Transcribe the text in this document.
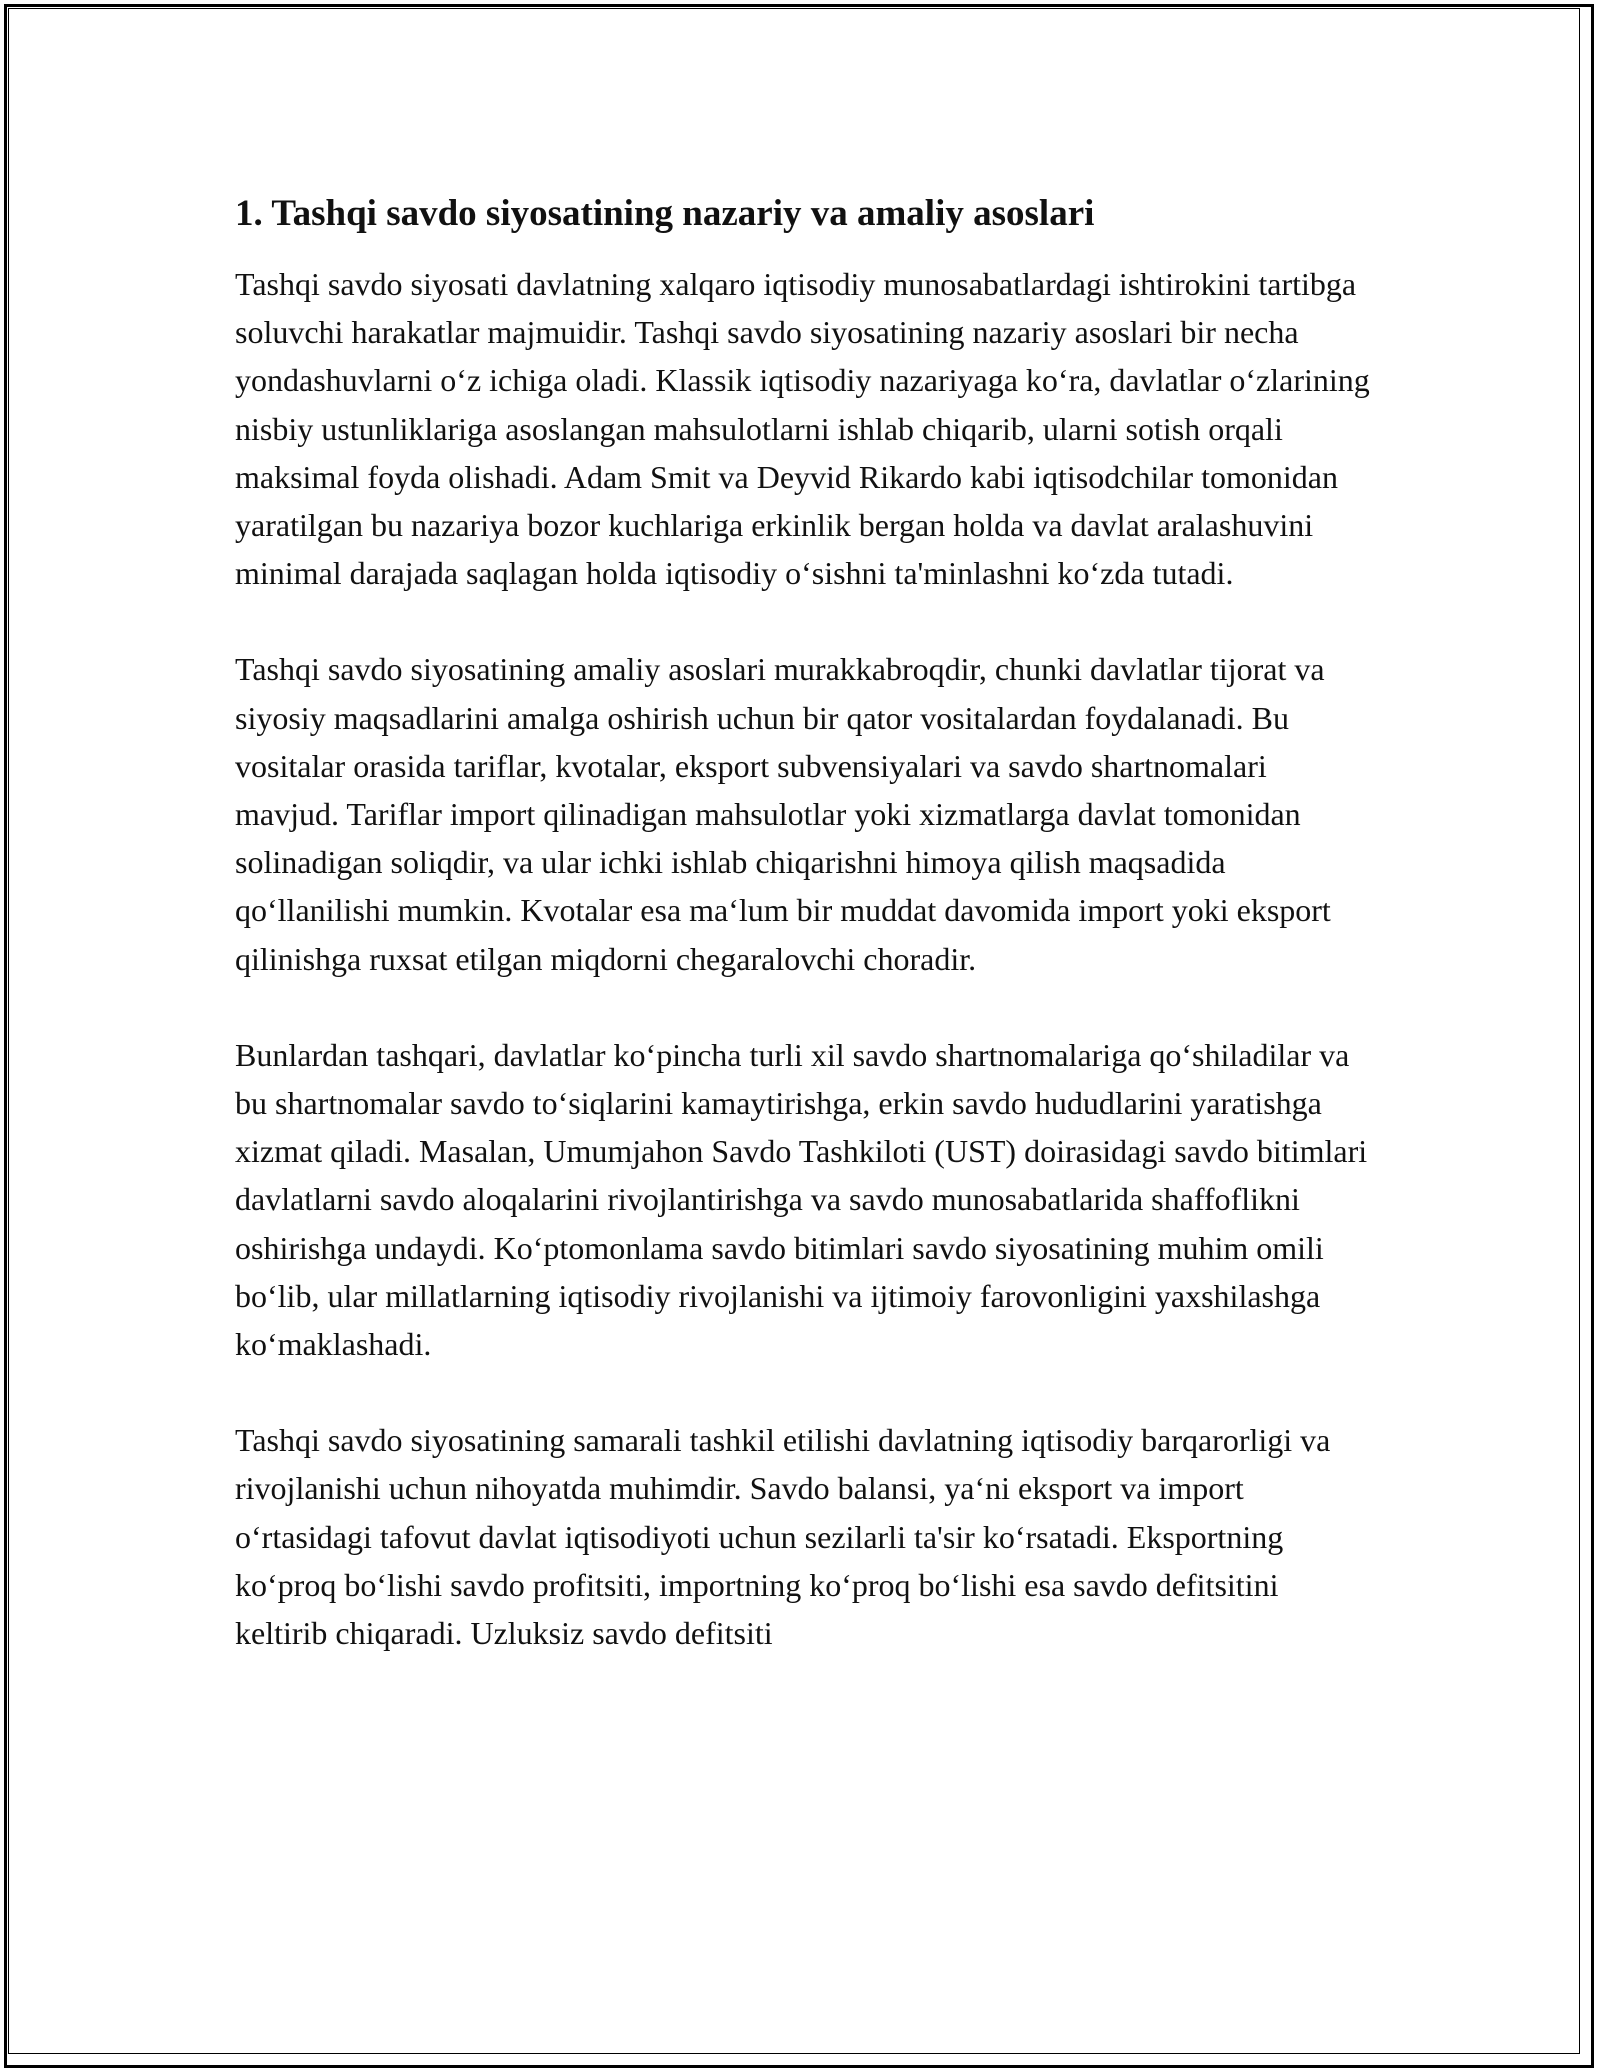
1. Tashqi savdo siyosatining nazariy va amaliy asoslari

Tashqi savdo siyosati davlatning xalqaro iqtisodiy munosabatlardagi ishtirokini tartibga soluvchi harakatlar majmuidir. Tashqi savdo siyosatining nazariy asoslari bir necha yondashuvlarni o‘z ichiga oladi. Klassik iqtisodiy nazariyaga ko‘ra, davlatlar o‘zlarining nisbiy ustunliklariga asoslangan mahsulotlarni ishlab chiqarib, ularni sotish orqali maksimal foyda olishadi. Adam Smit va Deyvid Rikardo kabi iqtisodchilar tomonidan yaratilgan bu nazariya bozor kuchlariga erkinlik bergan holda va davlat aralashuvini minimal darajada saqlagan holda iqtisodiy o‘sishni ta'minlashni ko‘zda tutadi.

Tashqi savdo siyosatining amaliy asoslari murakkabroqdir, chunki davlatlar tijorat va siyosiy maqsadlarini amalga oshirish uchun bir qator vositalardan foydalanadi. Bu vositalar orasida tariflar, kvotalar, eksport subvensiyalari va savdo shartnomalari mavjud. Tariflar import qilinadigan mahsulotlar yoki xizmatlarga davlat tomonidan solinadigan soliqdir, va ular ichki ishlab chiqarishni himoya qilish maqsadida qo‘llanilishi mumkin. Kvotalar esa ma‘lum bir muddat davomida import yoki eksport qilinishga ruxsat etilgan miqdorni chegaralovchi choradir.

Bunlardan tashqari, davlatlar ko‘pincha turli xil savdo shartnomalariga qo‘shiladilar va bu shartnomalar savdo to‘siqlarini kamaytirishga, erkin savdo hududlarini yaratishga xizmat qiladi. Masalan, Umumjahon Savdo Tashkiloti (UST) doirasidagi savdo bitimlari davlatlarni savdo aloqalarini rivojlantirishga va savdo munosabatlarida shaffoflikni oshirishga undaydi. Ko‘ptomonlama savdo bitimlari savdo siyosatining muhim omili bo‘lib, ular millatlarning iqtisodiy rivojlanishi va ijtimoiy farovonligini yaxshilashga ko‘maklashadi.

Tashqi savdo siyosatining samarali tashkil etilishi davlatning iqtisodiy barqarorligi va rivojlanishi uchun nihoyatda muhimdir. Savdo balansi, ya‘ni eksport va import o‘rtasidagi tafovut davlat iqtisodiyoti uchun sezilarli ta'sir ko‘rsatadi. Eksportning ko‘proq bo‘lishi savdo profitsiti, importning ko‘proq bo‘lishi esa savdo defitsitini keltirib chiqaradi. Uzluksiz savdo defitsiti
